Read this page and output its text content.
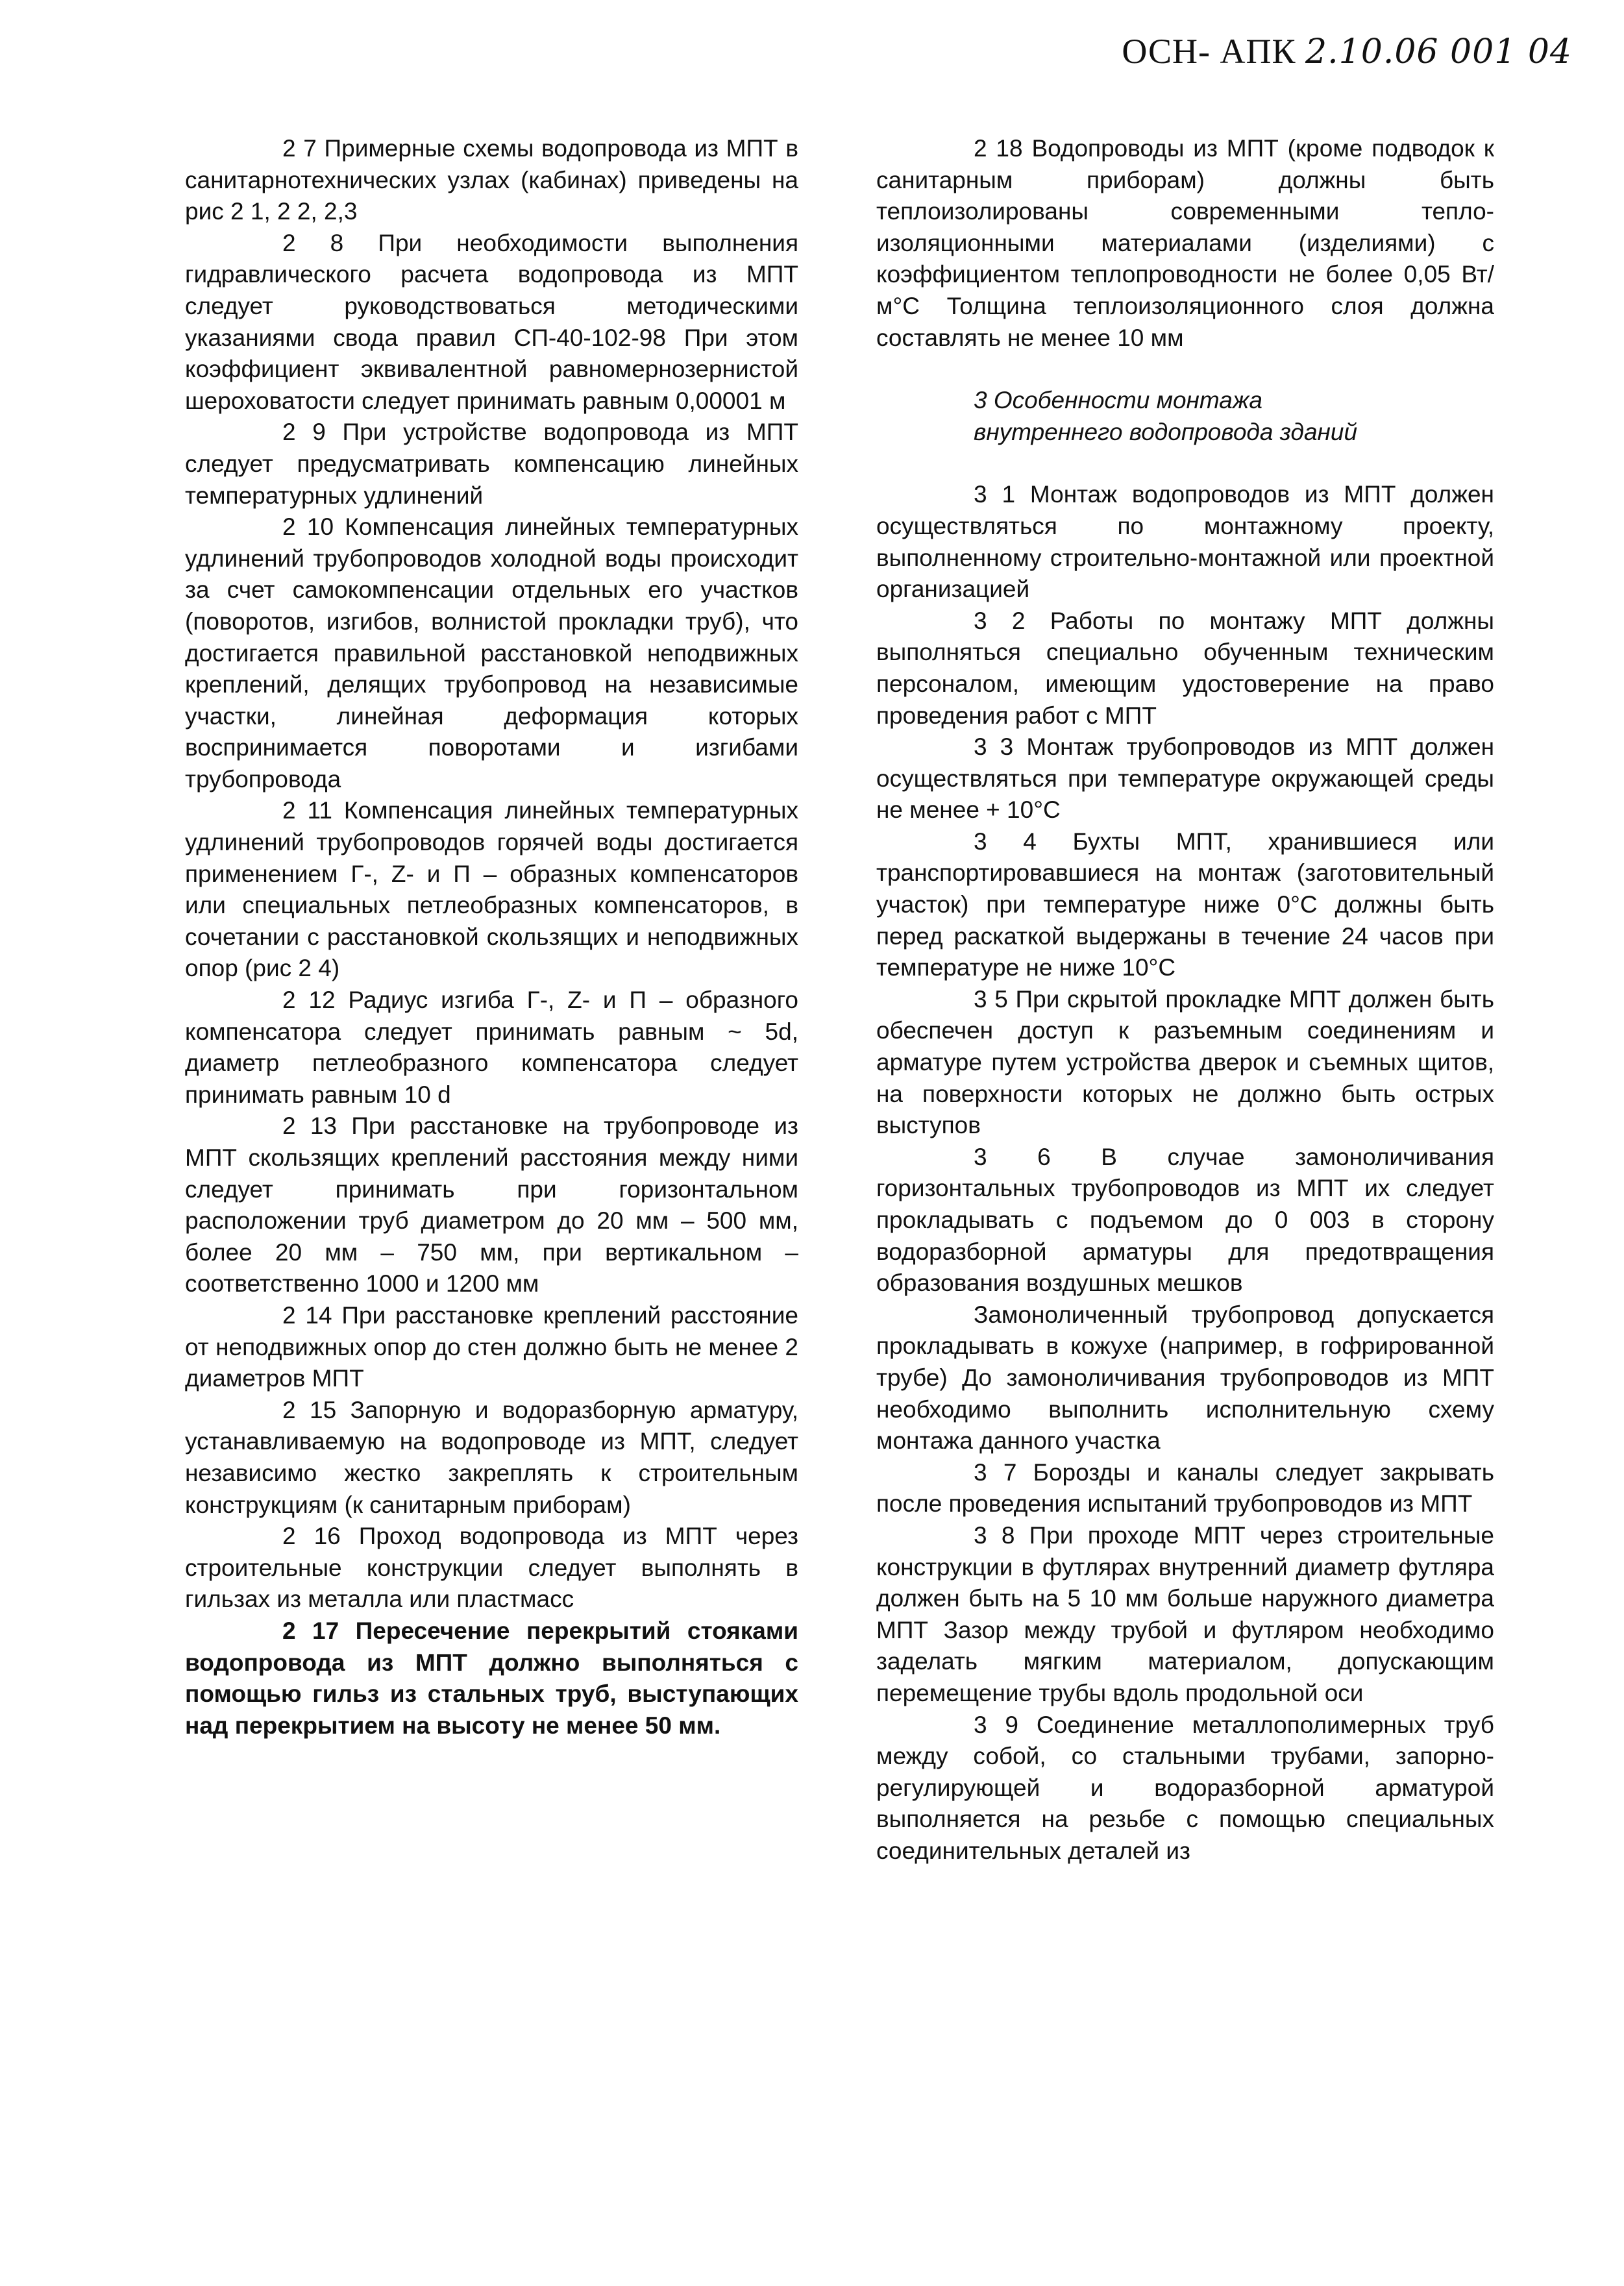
ОСН- АПК 2.10.06 001 04

2 7 Примерные схемы водопровода из МПТ в санитарнотехнических узлах (кабинах) приведены на рис 2 1, 2 2, 2,3

2 8 При необходимости выполнения гидравлического расчета водопровода из МПТ следует руководствоваться методическими указаниями свода правил СП-40-102-98 При этом коэффициент эквивалентной равномернозернистой шероховатости следует принимать равным 0,00001 м

2 9 При устройстве водопровода из МПТ следует предусматривать компенсацию линейных температурных удлинений

2 10 Компенсация линейных температурных удлинений трубопроводов холодной воды происходит за счет самокомпенсации отдельных его участков (поворотов, изгибов, волнистой прокладки труб), что достигается правильной расстановкой неподвижных креплений, делящих трубопровод на независимые участки, линейная деформация которых воспринимается поворотами и изгибами трубопровода

2 11 Компенсация линейных температурных удлинений трубопроводов горячей воды достигается применением Г-, Z- и П – образных компенсаторов или специальных петлеобразных компенсаторов, в сочетании с расстановкой скользящих и неподвижных опор (рис 2 4)

2 12 Радиус изгиба Г-, Z- и П – образного компенсатора следует принимать равным ~ 5d, диаметр петлеобразного компенсатора следует принимать равным 10 d

2 13 При расстановке на трубопроводе из МПТ скользящих креплений расстояния между ними следует принимать при горизонтальном расположении труб диаметром до 20 мм – 500 мм, более 20 мм – 750 мм, при вертикальном – соответственно 1000 и 1200 мм

2 14 При расстановке креплений расстояние от неподвижных опор до стен должно быть не менее 2 диаметров МПТ

2 15 Запорную и водоразборную арматуру, устанавливаемую на водопроводе из МПТ, следует независимо жестко закреплять к строительным конструкциям (к санитарным приборам)

2 16 Проход водопровода из МПТ через строительные конструкции следует выполнять в гильзах из металла или пластмасс

2 17 Пересечение перекрытий стояками водопровода из МПТ должно выполняться с помощью гильз из стальных труб, выступающих над перекрытием на высоту не менее 50 мм.

2 18 Водопроводы из МПТ (кроме подводок к санитарным приборам) должны быть теплоизолированы современными теплоизоляционными материалами (изделиями) с коэффициентом теплопроводности не более 0,05 Вт/м°С Толщина теплоизоляционного слоя должна составлять не менее 10 мм

3 Особенности монтажа

внутреннего водопровода зданий

3 1 Монтаж водопроводов из МПТ должен осуществляться по монтажному проекту, выполненному строительно-монтажной или проектной организацией

3 2 Работы по монтажу МПТ должны выполняться специально обученным техническим персоналом, имеющим удостоверение на право проведения работ с МПТ

3 3 Монтаж трубопроводов из МПТ должен осуществляться при температуре окружающей среды не менее + 10°С

3 4 Бухты МПТ, хранившиеся или транспортировавшиеся на монтаж (заготовительный участок) при температуре ниже 0°С должны быть перед раскаткой выдержаны в течение 24 часов при температуре не ниже 10°С

3 5 При скрытой прокладке МПТ должен быть обеспечен доступ к разъемным соединениям и арматуре путем устройства дверок и съемных щитов, на поверхности которых не должно быть острых выступов

3 6 В случае замоноличивания горизонтальных трубопроводов из МПТ их следует прокладывать с подъемом до 0 003 в сторону водоразборной арматуры для предотвращения образования воздушных мешков

Замоноличенный трубопровод допускается прокладывать в кожухе (например, в гофрированной трубе) До замоноличивания трубопроводов из МПТ необходимо выполнить исполнительную схему монтажа данного участка

3 7 Борозды и каналы следует закрывать после проведения испытаний трубопроводов из МПТ

3 8 При проходе МПТ через строительные конструкции в футлярах внутренний диаметр футляра должен быть на 5 10 мм больше наружного диаметра МПТ Зазор между трубой и футляром необходимо заделать мягким материалом, допускающим перемещение трубы вдоль продольной оси

3 9 Соединение металлополимерных труб между собой, со стальными трубами, запорно-регулирующей и водоразборной арматурой выполняется на резьбе с помощью специальных соединительных деталей из
